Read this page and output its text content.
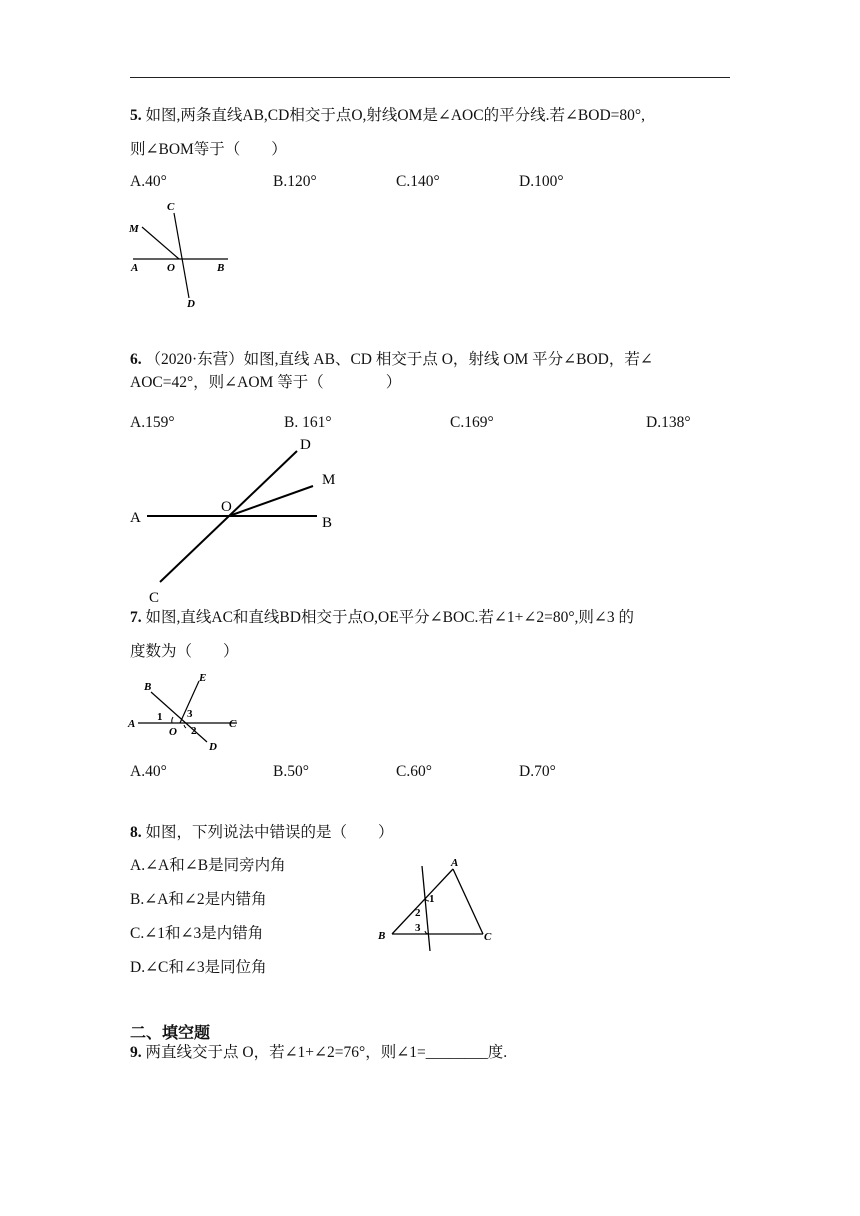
5. 如图,两条直线AB,CD相交于点O,射线OM是∠AOC的平分线.若∠BOD=80°,
则∠BOM等于（　　）
A.40°	B.120°	C.140°	D.100°
C
M
A	O	B
D
6. （2020·东营）如图,直线 AB、CD 相交于点 O，射线 OM 平分∠BOD，若∠
AOC=42°，则∠AOM 等于（　　　　）
A.159°	B. 161°	C.169°	D.138°
D
M
A
O
B
C
7. 如图,直线AC和直线BD相交于点O,OE平分∠BOC.若∠1+∠2=80°,则∠3 的
度数为（　　）
B
E
A	C
1 3
O 2
D
A.40°	B.50°	C.60°	D.70°
8. 如图，下列说法中错误的是（　　）
A.∠A和∠B是同旁内角
B.∠A和∠2是内错角
C.∠1和∠3是内错角
D.∠C和∠3是同位角
A
1
2
3
B	C
二、填空题
9. 两直线交于点 O，若∠1+∠2=76°，则∠1=________度.
